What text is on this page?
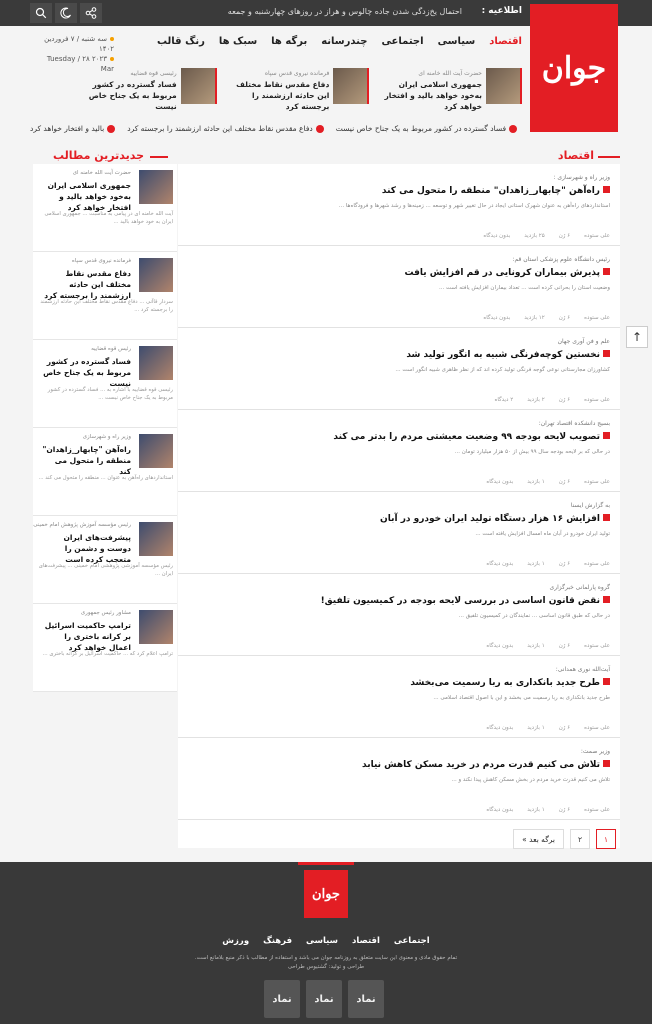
اطلاعیه :
احتمال یخ‌زدگی شدن جاده چالوس و هراز در روزهای چهارشنبه و جمعه
جوان
سه شنبه / ۷ فروردین ۱۴۰۲
۲۰۲۳ Tuesday / ۲۸ Mar
اقتصاد
سیاسی
اجتماعی
چندرسانه
برگه ها
سبک ها
رنگ قالب
حضرت آیت الله خامنه ای
جمهوری اسلامی ایران به‌خود خواهد بالید و افتخار خواهد کرد
فرمانده نیروی قدس سپاه
دفاع مقدس نقاط مختلف این حادثه ارزشمند را برجسته کرد
رئیسی قوه قضاییه
فساد گسترده در کشور مربوط به یک جناح خاص نیست
فساد گسترده در کشور مربوط به یک جناح خاص نیست
دفاع مقدس نقاط مختلف این حادثه ارزشمند را برجسته کرد
بالید و افتخار خواهد کرد
اقتصاد
جدیدترین مطالب
وزیر راه و شهرسازی :
راه‌آهن "چابهار_زاهدان" منطقه را متحول می کند
استانداردهای راه‌آهن به عنوان شهرک استانی ایجاد در حال تغییر شهر و توسعه ... زمینه‌ها و رشد شهرها و فرودگاه‌ها ...
علی ستوده
۶ ژن
۲۵ بازدید
بدون دیدگاه
رئیس دانشگاه علوم پزشکی استان قم:
پذیرش بیماران کرونایی در قم افزایش یافت
وضعیت استان را بحرانی کرده است ... تعداد بیماران افزایش یافته است ...
علی ستوده
۶ ژن
۱۲ بازدید
بدون دیدگاه
علم و فن آوری جهان
نخستین کوچه‌فرنگی شبیه به انگور تولید شد
کشاورزان مجارستانی نوعی گوجه فرنگی تولید کرده اند که از نظر ظاهری شبیه انگور است ...
علی ستوده
۶ ژن
۲ بازدید
۲ دیدگاه
بسیج دانشکده اقتصاد تهران:
تصویب لایحه بودجه ۹۹ وضعیت معیشتی مردم را بدتر می کند
در حالی که بر لایحه بودجه سال ۹۹ بیش از ۵۰ هزار میلیارد تومان ...
علی ستوده
۶ ژن
۱ بازدید
بدون دیدگاه
به گزارش ایسنا
افزایش ۱۶ هزار دستگاه تولید ایران خودرو در آبان
تولید ایران خودرو در آبان ماه امسال افزایش یافته است ...
علی ستوده
۶ ژن
۱ بازدید
بدون دیدگاه
گروه پارلمانی خبرگزاری
نقض قانون اساسی در بررسی لایحه بودجه در کمیسیون تلفیق!
در حالی که طبق قانون اساسی ... نمایندگان در کمیسیون تلفیق ...
علی ستوده
۶ ژن
۱ بازدید
بدون دیدگاه
آیت‌الله نوری همدانی:
طرح جدید بانکداری به ربا رسمیت می‌بخشد
طرح جدید بانکداری به ربا رسمیت می بخشد و این با اصول اقتصاد اسلامی ...
علی ستوده
۶ ژن
۱ بازدید
بدون دیدگاه
وزیر صمت:
تلاش می کنیم قدرت مردم در خرید مسکن کاهش نیابد
تلاش می کنیم قدرت خرید مردم در بخش مسکن کاهش پیدا نکند و ...
علی ستوده
۶ ژن
۱ بازدید
بدون دیدگاه
حضرت آیت الله خامنه ای
جمهوری اسلامی ایران به‌خود خواهد بالید و افتخار خواهد کرد
آیت الله خامنه ای در پیامی به مناسبت ... جمهوری اسلامی ایران به خود خواهد بالید ...
فرمانده نیروی قدس سپاه
دفاع مقدس نقاط مختلف این حادثه ارزشمند را برجسته کرد
سردار قاآنی ... دفاع مقدس نقاط مختلف این حادثه ارزشمند را برجسته کرد ...
رئیس قوه قضاییه
فساد گسترده در کشور مربوط به یک جناح خاص نیست
رئیسی قوه قضاییه با اشاره به ... فساد گسترده در کشور مربوط به یک جناح خاص نیست ...
وزیر راه و شهرسازی
راه‌آهن "چابهار_زاهدان" منطقه را متحول می کند
استانداردهای راه‌آهن به عنوان ... منطقه را متحول می کند ...
رئیس مؤسسه آموزش پژوهش امام خمینی
پیشرفت‌های ایران دوست و دشمن را متعجب کرده است
رئیس مؤسسه آموزشی پژوهشی امام خمینی ... پیشرفت‌های ایران ...
مشاور رئیس جمهوری
ترامپ حاکمیت اسرائیل بر کرانه باختری را اعمال خواهد کرد
ترامپ اعلام کرد که ... حاکمیت اسرائیل بر کرانه باختری ...
۱
۲
برگه بعد »
↑
جوان
اجتماعی
اقتصاد
سیاسی
فرهنگ
ورزش
تمام حقوق مادی و معنوی این سایت متعلق به روزنامه جوان می باشد و استفاده از مطالب با ذکر منبع بلامانع است.
طراحی و تولید: گشتیوس طراحی
نماد
نماد
نماد
